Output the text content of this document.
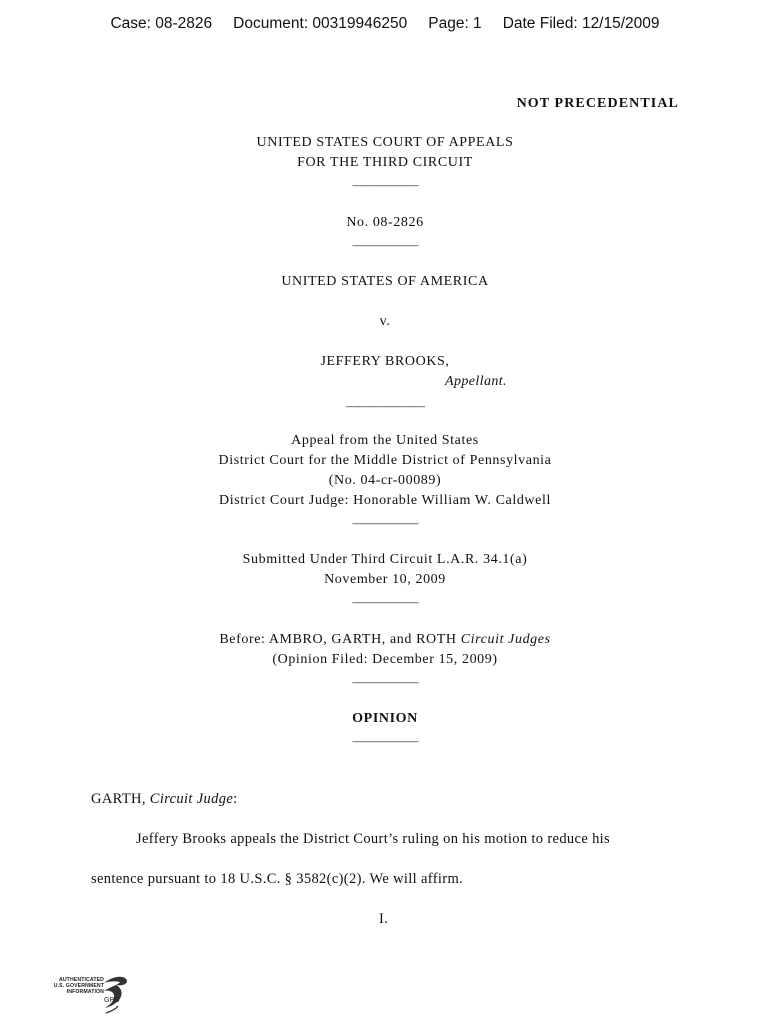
Case: 08-2826 Document: 00319946250 Page: 1 Date Filed: 12/15/2009
NOT PRECEDENTIAL
UNITED STATES COURT OF APPEALS
FOR THE THIRD CIRCUIT
—————
No. 08-2826
—————
UNITED STATES OF AMERICA
v.
JEFFERY BROOKS,
Appellant.
——————
Appeal from the United States
District Court for the Middle District of Pennsylvania
(No. 04-cr-00089)
District Court Judge: Honorable William W. Caldwell
—————
Submitted Under Third Circuit L.A.R. 34.1(a)
November 10, 2009
—————
Before: AMBRO, GARTH, and ROTH Circuit Judges
(Opinion Filed: December 15, 2009)
—————
OPINION
—————
GARTH, Circuit Judge:
Jeffery Brooks appeals the District Court’s ruling on his motion to reduce his
sentence pursuant to 18 U.S.C. § 3582(c)(2). We will affirm.
I.
AUTHENTICATED
U.S. GOVERNMENT
INFORMATION
GPO
